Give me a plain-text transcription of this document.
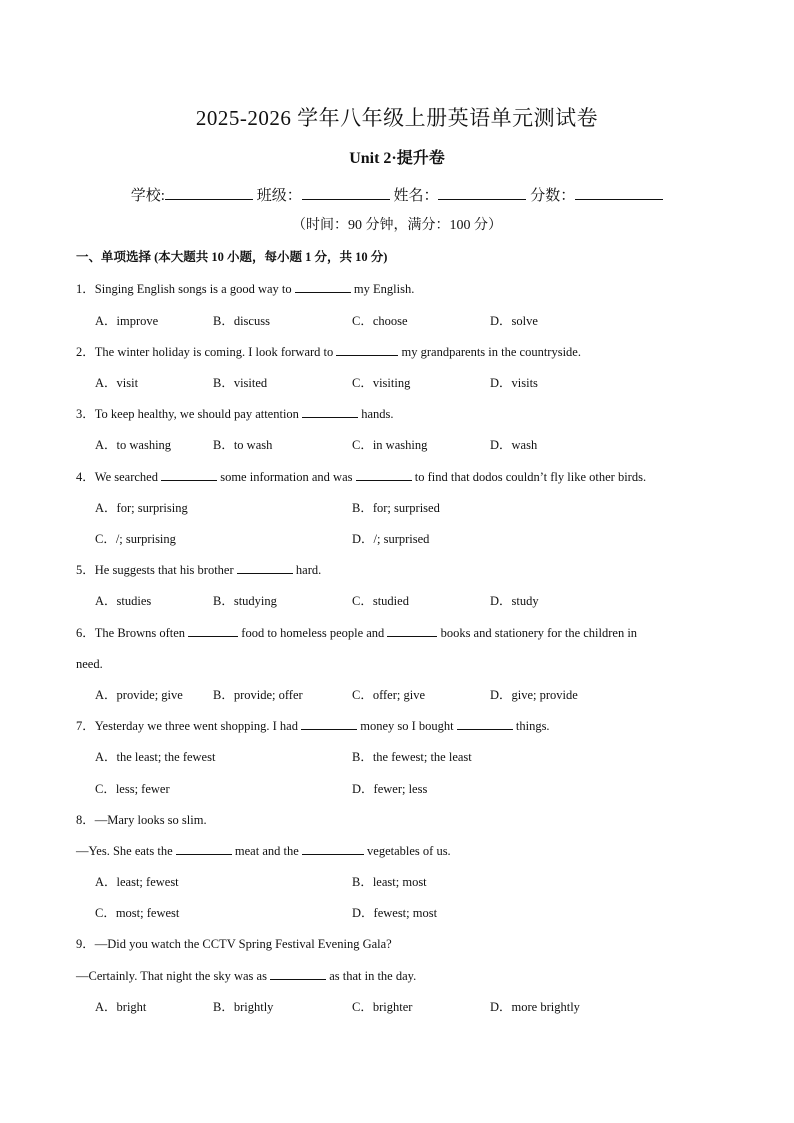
2025-2026 学年八年级上册英语单元测试卷
Unit 2·提升卷
学校:	班级：	姓名：	分数：
（时间：90 分钟，满分：100 分）
一、单项选择 (本大题共 10 小题，每小题 1 分，共 10 分)
1．Singing English songs is a good way to	my English.
A．improve	B．discuss	C．choose	D．solve
2．The winter holiday is coming. I look forward to	my grandparents in the countryside.
A．visit	B．visited	C．visiting	D．visits
3．To keep healthy, we should pay attention	hands.
A．to washing	B．to wash	C．in washing	D．wash
4．We searched	some information and was	to find that dodos couldn’t fly like other birds.
A．for; surprising	B．for; surprised
C．/; surprising	D．/; surprised
5．He suggests that his brother	hard.
A．studies	B．studying	C．studied	D．study
6．The Browns often	food to homeless people and	books and stationery for the children in
need.
A．provide; give B．provide; offer	C．offer; give	D．give; provide
7．Yesterday we three went shopping. I had	money so I bought	things.
A．the least; the fewest	B．the fewest; the least
C．less; fewer	D．fewer; less
8．—Mary looks so slim.
—Yes. She eats the	meat and the	vegetables of us.
A．least; fewest	B．least; most
C．most; fewest	D．fewest; most
9．—Did you watch the CCTV Spring Festival Evening Gala?
—Certainly. That night the sky was as	as that in the day.
A．bright	B．brightly	C．brighter	D．more brightly
